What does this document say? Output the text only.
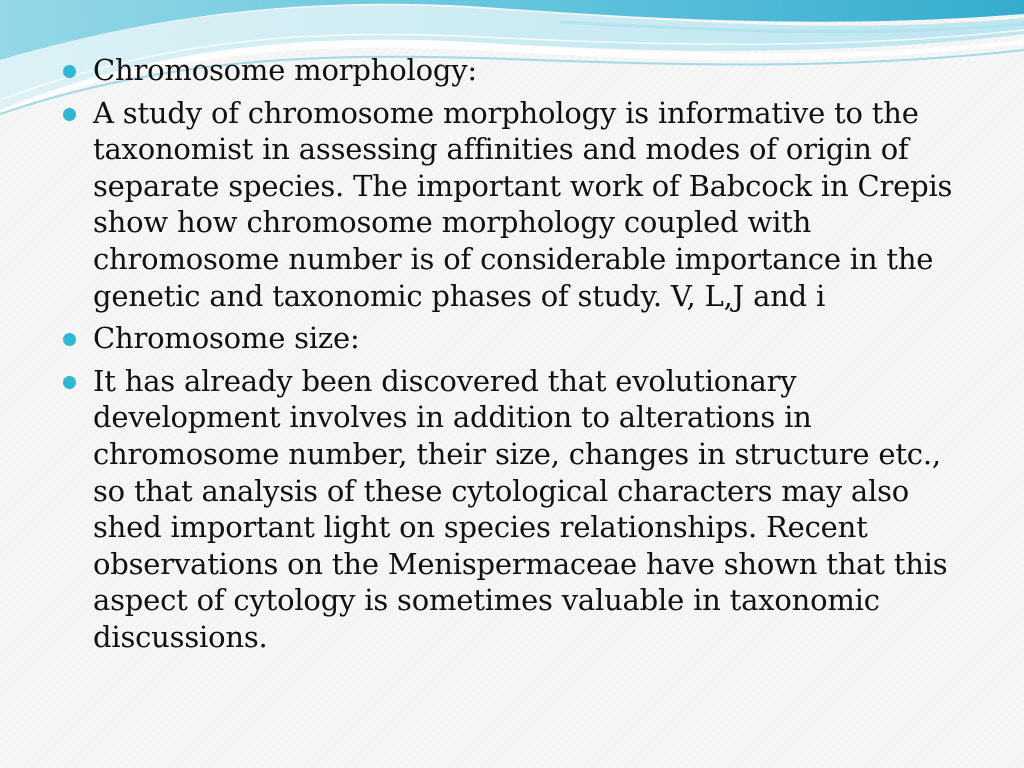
Chromosome morphology:
A study of chromosome morphology is informative to the taxonomist in assessing affinities and modes of origin of separate species. The important work of Babcock in Crepis show how chromosome morphology coupled with chromosome number is of considerable importance in the genetic and taxonomic phases of study. V, L,J and i
Chromosome size:
It has already been discovered that evolutionary development involves in addition to alterations in chromosome number, their size, changes in structure etc., so that analysis of these cytological characters may also shed important light on species relationships. Recent observations on the Menispermaceae have shown that this aspect of cytology is sometimes valuable in taxonomic discussions.
